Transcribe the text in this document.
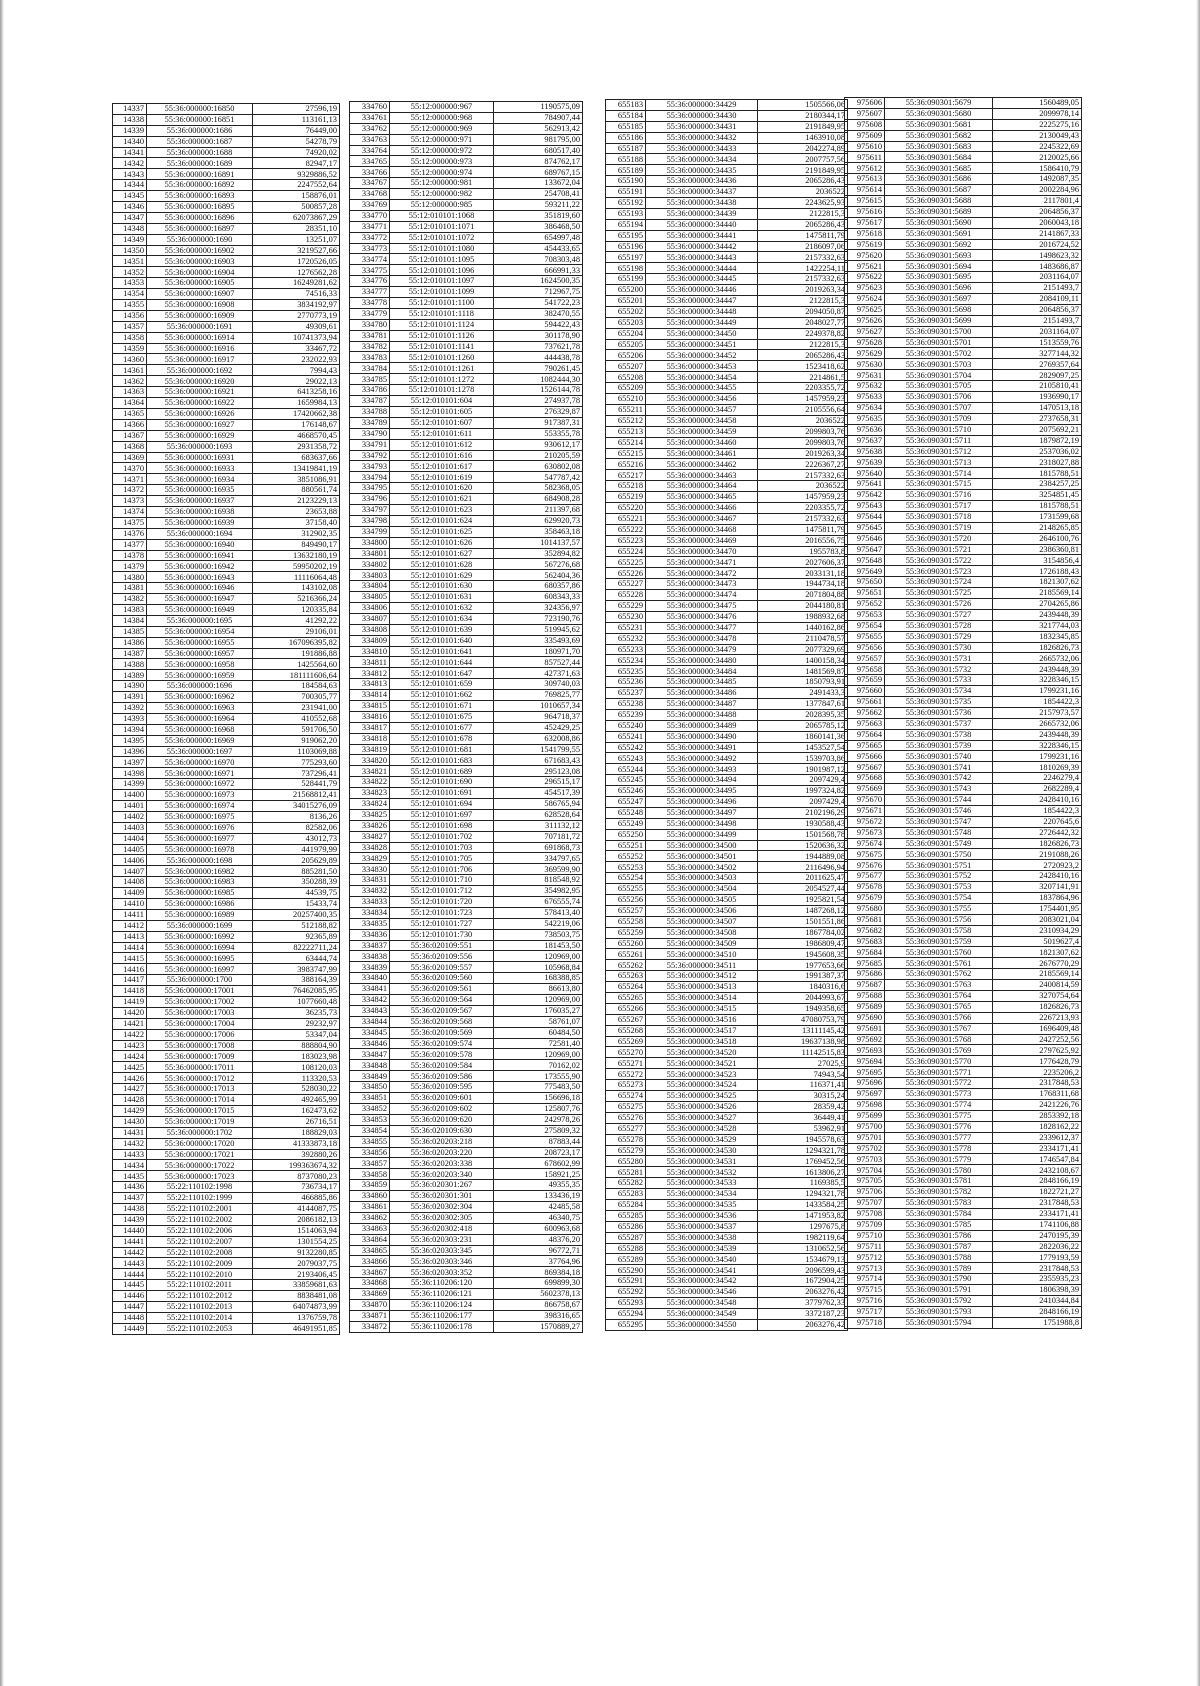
14337	55:36:000000:16850	27596,19
14338	55:36:000000:16851	113161,13
14339	55:36:000000:1686	76449,00
14340	55:36:000000:1687	54278,79
14341	55:36:000000:1688	74920,02
14342	55:36:000000:1689	82947,17
14343	55:36:000000:16891	9329886,52
14344	55:36:000000:16892	2247552,64
14345	55:36:000000:16893	158876,01
14346	55:36:000000:16895	500857,28
14347	55:36:000000:16896	62073867,29
14348	55:36:000000:16897	28351,10
14349	55:36:000000:1690	13251,07
14350	55:36:000000:16902	3219527,66
14351	55:36:000000:16903	1720526,05
14352	55:36:000000:16904	1276562,28
14353	55:36:000000:16905	16249281,62
14354	55:36:000000:16907	74516,33
14355	55:36:000000:16908	3834192,97
14356	55:36:000000:16909	2770773,19
14357	55:36:000000:1691	49309,61
14358	55:36:000000:16914	10741373,94
14359	55:36:000000:16916	33467,72
14360	55:36:000000:16917	232022,93
14361	55:36:000000:1692	7994,43
14362	55:36:000000:16920	29022,13
14363	55:36:000000:16921	6413258,16
14364	55:36:000000:16922	1659984,13
14365	55:36:000000:16926	17420662,38
14366	55:36:000000:16927	176148,67
14367	55:36:000000:16929	4668570,45
14368	55:36:000000:1693	2931358,72
14369	55:36:000000:16931	683637,66
14370	55:36:000000:16933	13419841,19
14371	55:36:000000:16934	3851086,91
14372	55:36:000000:16935	880561,74
14373	55:36:000000:16937	2123229,13
14374	55:36:000000:16938	23653,88
14375	55:36:000000:16939	37158,40
14376	55:36:000000:1694	312902,35
14377	55:36:000000:16940	849490,17
14378	55:36:000000:16941	13632180,19
14379	55:36:000000:16942	59950202,19
14380	55:36:000000:16943	11116064,48
14381	55:36:000000:16946	143102,08
14382	55:36:000000:16947	5216366,24
14383	55:36:000000:16949	120335,84
14384	55:36:000000:1695	41292,22
14385	55:36:000000:16954	29106,01
14386	55:36:000000:16955	167096395,82
14387	55:36:000000:16957	191886,88
14388	55:36:000000:16958	1425564,60
14389	55:36:000000:16959	181111606,64
14390	55:36:000000:1696	184584,63
14391	55:36:000000:16962	700305,77
14392	55:36:000000:16963	231941,00
14393	55:36:000000:16964	410552,68
14394	55:36:000000:16968	591706,50
14395	55:36:000000:16969	919062,20
14396	55:36:000000:1697	1103069,88
14397	55:36:000000:16970	775293,60
14398	55:36:000000:16971	737296,41
14399	55:36:000000:16972	528441,79
14400	55:36:000000:16973	21568812,41
14401	55:36:000000:16974	34015276,09
14402	55:36:000000:16975	8136,26
14403	55:36:000000:16976	82582,06
14404	55:36:000000:16977	43012,73
14405	55:36:000000:16978	441979,99
14406	55:36:000000:1698	205629,89
14407	55:36:000000:16982	885281,50
14408	55:36:000000:16983	350288,39
14409	55:36:000000:16985	44539,75
14410	55:36:000000:16986	15433,74
14411	55:36:000000:16989	20257400,35
14412	55:36:000000:1699	512188,82
14413	55:36:000000:16992	92365,89
14414	55:36:000000:16994	82222711,24
14415	55:36:000000:16995	63444,74
14416	55:36:000000:16997	3983747,99
14417	55:36:000000:1700	388164,39
14418	55:36:000000:17001	76462085,95
14419	55:36:000000:17002	1077660,48
14420	55:36:000000:17003	36235,73
14421	55:36:000000:17004	29232,97
14422	55:36:000000:17006	53347,04
14423	55:36:000000:17008	888804,90
14424	55:36:000000:17009	183023,98
14425	55:36:000000:17011	108120,03
14426	55:36:000000:17012	113320,53
14427	55:36:000000:17013	528030,22
14428	55:36:000000:17014	492465,99
14429	55:36:000000:17015	162473,62
14430	55:36:000000:17019	26716,51
14431	55:36:000000:1702	188829,03
14432	55:36:000000:17020	41333873,18
14433	55:36:000000:17021	392880,26
14434	55:36:000000:17022	199363674,32
14435	55:36:000000:17023	8737080,23
14436	55:22:110102:1998	736734,17
14437	55:22:110102:1999	466885,86
14438	55:22:110102:2001	4144087,75
14439	55:22:110102:2002	2086182,13
14440	55:22:110102:2006	1514063,94
14441	55:22:110102:2007	1301554,25
14442	55:22:110102:2008	9132280,85
14443	55:22:110102:2009	2079037,75
14444	55:22:110102:2010	2193406,45
14445	55:22:110102:2011	33859681,63
14446	55:22:110102:2012	8838481,08
14447	55:22:110102:2013	64074873,99
14448	55:22:110102:2014	1376759,78
14449	55:22:110102:2053	46491951,85
334760	55:12:000000:967	1190575,09
334761	55:12:000000:968	784907,44
334762	55:12:000000:969	562913,42
334763	55:12:000000:971	981795,00
334764	55:12:000000:972	680517,40
334765	55:12:000000:973	874762,17
334766	55:12:000000:974	689767,15
334767	55:12:000000:981	133672,04
334768	55:12:000000:982	254708,41
334769	55:12:000000:985	593211,22
334770	55:12:010101:1068	351819,60
334771	55:12:010101:1071	386468,50
334772	55:12:010101:1072	654997,48
334773	55:12:010101:1080	454433,65
334774	55:12:010101:1095	708303,48
334775	55:12:010101:1096	666991,33
334776	55:12:010101:1097	1624500,35
334777	55:12:010101:1099	712967,75
334778	55:12:010101:1100	541722,23
334779	55:12:010101:1118	382470,55
334780	55:12:010101:1124	594422,43
334781	55:12:010101:1126	301178,90
334782	55:12:010101:1141	737621,78
334783	55:12:010101:1260	444438,78
334784	55:12:010101:1261	790261,45
334785	55:12:010101:1272	1082444,30
334786	55:12:010101:1278	1526144,78
334787	55:12:010101:604	274937,78
334788	55:12:010101:605	276329,87
334789	55:12:010101:607	917387,31
334790	55:12:010101:611	553355,78
334791	55:12:010101:612	930612,17
334792	55:12:010101:616	210205,59
334793	55:12:010101:617	630802,08
334794	55:12:010101:619	547787,42
334795	55:12:010101:620	582368,05
334796	55:12:010101:621	684908,28
334797	55:12:010101:623	211397,68
334798	55:12:010101:624	629920,73
334799	55:12:010101:625	358463,18
334800	55:12:010101:626	1014137,57
334801	55:12:010101:627	352894,82
334802	55:12:010101:628	567276,68
334803	55:12:010101:629	562404,36
334804	55:12:010101:630	680357,86
334805	55:12:010101:631	608343,33
334806	55:12:010101:632	324356,97
334807	55:12:010101:634	723190,76
334808	55:12:010101:639	519945,62
334809	55:12:010101:640	335493,69
334810	55:12:010101:641	180971,70
334811	55:12:010101:644	857527,44
334812	55:12:010101:647	427371,63
334813	55:12:010101:659	309740,03
334814	55:12:010101:662	769825,77
334815	55:12:010101:671	1010657,34
334816	55:12:010101:675	964718,37
334817	55:12:010101:677	452429,25
334818	55:12:010101:678	632008,86
334819	55:12:010101:681	1541799,55
334820	55:12:010101:683	671683,43
334821	55:12:010101:689	295123,08
334822	55:12:010101:690	296515,17
334823	55:12:010101:691	454517,39
334824	55:12:010101:694	586765,94
334825	55:12:010101:697	628528,64
334826	55:12:010101:698	311132,12
334827	55:12:010101:702	707181,72
334828	55:12:010101:703	691868,73
334829	55:12:010101:705	334797,65
334830	55:12:010101:706	369599,90
334831	55:12:010101:710	818548,92
334832	55:12:010101:712	354982,95
334833	55:12:010101:720	676555,74
334834	55:12:010101:723	578413,40
334835	55:12:010101:727	542219,06
334836	55:12:010101:730	738503,75
334837	55:36:020109:551	181453,50
334838	55:36:020109:556	120969,00
334839	55:36:020109:557	105968,84
334840	55:36:020109:560	168388,85
334841	55:36:020109:561	86613,80
334842	55:36:020109:564	120969,00
334843	55:36:020109:567	176035,27
334844	55:36:020109:568	58761,07
334845	55:36:020109:569	60484,50
334846	55:36:020109:574	72581,40
334847	55:36:020109:578	120969,00
334848	55:36:020109:584	70162,02
334849	55:36:020109:586	173555,90
334850	55:36:020109:595	775483,50
334851	55:36:020109:601	156696,18
334852	55:36:020109:602	125807,76
334853	55:36:020109:620	242978,26
334854	55:36:020109:630	275809,32
334855	55:36:020203:218	87883,44
334856	55:36:020203:220	208723,17
334857	55:36:020203:338	678602,99
334858	55:36:020203:340	158921,25
334859	55:36:020301:267	49355,35
334860	55:36:020301:301	133436,19
334861	55:36:020302:304	42485,58
334862	55:36:020302:305	46340,75
334863	55:36:020302:418	600963,68
334864	55:36:020303:231	48376,20
334865	55:36:020303:345	96772,71
334866	55:36:020303:346	37764,96
334867	55:36:020303:352	869384,18
334868	55:36:110206:120	699899,30
334869	55:36:110206:121	5602378,13
334870	55:36:110206:124	866758,67
334871	55:36:110206:177	398316,65
334872	55:36:110206:178	1570889,27
655183	55:36:000000:34429	1505566,06
655184	55:36:000000:34430	2180344,17
655185	55:36:000000:34431	2191849,95
655186	55:36:000000:34432	1463910,08
655187	55:36:000000:34433	2042274,89
655188	55:36:000000:34434	2007757,56
655189	55:36:000000:34435	2191849,95
655190	55:36:000000:34436	2065286,43
655191	55:36:000000:34437	2036522
655192	55:36:000000:34438	2243625,93
655193	55:36:000000:34439	2122815,3
655194	55:36:000000:34440	2065286,43
655195	55:36:000000:34441	1475811,79
655196	55:36:000000:34442	2186097,06
655197	55:36:000000:34443	2157332,63
655198	55:36:000000:34444	1422254,11
655199	55:36:000000:34445	2157332,63
655200	55:36:000000:34446	2019263,34
655201	55:36:000000:34447	2122815,3
655202	55:36:000000:34448	2094050,87
655203	55:36:000000:34449	2048027,77
655204	55:36:000000:34450	2249378,82
655205	55:36:000000:34451	2122815,3
655206	55:36:000000:34452	2065286,43
655207	55:36:000000:34453	1523418,62
655208	55:36:000000:34454	2214861,5
655209	55:36:000000:34455	2203355,72
655210	55:36:000000:34456	1457959,23
655211	55:36:000000:34457	2105556,64
655212	55:36:000000:34458	2036522
655213	55:36:000000:34459	2099803,76
655214	55:36:000000:34460	2099803,76
655215	55:36:000000:34461	2019263,34
655216	55:36:000000:34462	2226367,27
655217	55:36:000000:34463	2157332,63
655218	55:36:000000:34464	2036522
655219	55:36:000000:34465	1457959,23
655220	55:36:000000:34466	2203355,72
655221	55:36:000000:34467	2157332,63
655222	55:36:000000:34468	1475811,79
655223	55:36:000000:34469	2016556,75
655224	55:36:000000:34470	1955783,8
655225	55:36:000000:34471	2027606,37
655226	55:36:000000:34472	2033131,18
655227	55:36:000000:34473	1944734,18
655228	55:36:000000:34474	2071804,88
655229	55:36:000000:34475	2044180,81
655230	55:36:000000:34476	1988932,68
655231	55:36:000000:34477	1440162,86
655232	55:36:000000:34478	2110478,57
655233	55:36:000000:34479	2077329,69
655234	55:36:000000:34480	1400158,34
655235	55:36:000000:34484	1481569,87
655236	55:36:000000:34485	1850793,91
655237	55:36:000000:34486	2491433,3
655238	55:36:000000:34487	1377847,61
655239	55:36:000000:34488	2028395,35
655240	55:36:000000:34489	2065785,12
655241	55:36:000000:34490	1860141,36
655242	55:36:000000:34491	1453527,54
655243	55:36:000000:34492	1539703,86
655244	55:36:000000:34493	1901987,12
655245	55:36:000000:34494	2097429,4
655246	55:36:000000:34495	1997324,82
655247	55:36:000000:34496	2097429,4
655248	55:36:000000:34497	2102196,29
655249	55:36:000000:34498	1930588,43
655250	55:36:000000:34499	1501568,78
655251	55:36:000000:34500	1520636,32
655252	55:36:000000:34501	1944889,08
655253	55:36:000000:34502	2116496,94
655254	55:36:000000:34503	2011625,47
655255	55:36:000000:34504	2054527,44
655256	55:36:000000:34505	1925821,54
655257	55:36:000000:34506	1487268,12
655258	55:36:000000:34507	1501551,86
655259	55:36:000000:34508	1867784,02
655260	55:36:000000:34509	1986809,47
655261	55:36:000000:34510	1945608,35
655262	55:36:000000:34511	1977653,66
655263	55:36:000000:34512	1991387,37
655264	55:36:000000:34513	1840316,6
655265	55:36:000000:34514	2044993,67
655266	55:36:000000:34515	1949358,65
655267	55:36:000000:34516	47080753,79
655268	55:36:000000:34517	13111145,42
655269	55:36:000000:34518	19637138,98
655270	55:36:000000:34520	11142515,83
655271	55:36:000000:34521	27025,9
655272	55:36:000000:34523	74943,54
655273	55:36:000000:34524	116371,41
655274	55:36:000000:34525	30315,24
655275	55:36:000000:34526	28359,42
655276	55:36:000000:34527	36449,41
655277	55:36:000000:34528	53962,91
655278	55:36:000000:34529	1945578,63
655279	55:36:000000:34530	1294321,78
655280	55:36:000000:34531	1769452,56
655281	55:36:000000:34532	1613806,27
655282	55:36:000000:34533	1169385,5
655283	55:36:000000:34534	1294321,78
655284	55:36:000000:34535	1433584,25
655285	55:36:000000:34536	1471953,82
655286	55:36:000000:34537	1297675,8
655287	55:36:000000:34538	1982119,64
655288	55:36:000000:34539	1310652,56
655289	55:36:000000:34540	1534679,13
655290	55:36:000000:34541	2096599,43
655291	55:36:000000:34542	1672904,25
655292	55:36:000000:34546	2063276,42
655293	55:36:000000:34548	3779762,33
655294	55:36:000000:34549	3372187,23
655295	55:36:000000:34550	2063276,42
975606	55:36:090301:5679	1560489,05
975607	55:36:090301:5680	2099978,14
975608	55:36:090301:5681	2225275,16
975609	55:36:090301:5682	2130049,43
975610	55:36:090301:5683	2245322,69
975611	55:36:090301:5684	2120025,66
975612	55:36:090301:5685	1586410,79
975613	55:36:090301:5686	1492087,35
975614	55:36:090301:5687	2002284,96
975615	55:36:090301:5688	2117801,4
975616	55:36:090301:5689	2064856,37
975617	55:36:090301:5690	2060043,18
975618	55:36:090301:5691	2141867,33
975619	55:36:090301:5692	2016724,52
975620	55:36:090301:5693	1498623,32
975621	55:36:090301:5694	1483686,87
975622	55:36:090301:5695	2031164,07
975623	55:36:090301:5696	2151493,7
975624	55:36:090301:5697	2084109,11
975625	55:36:090301:5698	2064856,37
975626	55:36:090301:5699	2151493,7
975627	55:36:090301:5700	2031164,07
975628	55:36:090301:5701	1513559,76
975629	55:36:090301:5702	3277144,32
975630	55:36:090301:5703	2769357,64
975631	55:36:090301:5704	2829097,25
975632	55:36:090301:5705	2105810,41
975633	55:36:090301:5706	1936990,17
975634	55:36:090301:5707	1470513,18
975635	55:36:090301:5709	2737658,31
975636	55:36:090301:5710	2075692,21
975637	55:36:090301:5711	1879872,19
975638	55:36:090301:5712	2537036,02
975639	55:36:090301:5713	2318027,88
975640	55:36:090301:5714	1815788,51
975641	55:36:090301:5715	2384257,25
975642	55:36:090301:5716	3254851,45
975643	55:36:090301:5717	1815788,51
975644	55:36:090301:5718	1731599,68
975645	55:36:090301:5719	2148265,85
975646	55:36:090301:5720	2646100,76
975647	55:36:090301:5721	2386360,81
975648	55:36:090301:5722	3154856,4
975649	55:36:090301:5723	1726188,43
975650	55:36:090301:5724	1821307,62
975651	55:36:090301:5725	2185569,14
975652	55:36:090301:5726	2704265,86
975653	55:36:090301:5727	2439448,39
975654	55:36:090301:5728	3217744,03
975655	55:36:090301:5729	1832345,85
975656	55:36:090301:5730	1826826,73
975657	55:36:090301:5731	2665732,06
975658	55:36:090301:5732	2439448,39
975659	55:36:090301:5733	3228346,15
975660	55:36:090301:5734	1799231,16
975661	55:36:090301:5735	1854422,3
975662	55:36:090301:5736	2157973,57
975663	55:36:090301:5737	2665732,06
975664	55:36:090301:5738	2439448,39
975665	55:36:090301:5739	3228346,15
975666	55:36:090301:5740	1799231,16
975667	55:36:090301:5741	1810269,39
975668	55:36:090301:5742	2246279,4
975669	55:36:090301:5743	2682289,4
975670	55:36:090301:5744	2428410,16
975671	55:36:090301:5746	1854422,3
975672	55:36:090301:5747	2207645,6
975673	55:36:090301:5748	2726442,32
975674	55:36:090301:5749	1826826,73
975675	55:36:090301:5750	2191088,26
975676	55:36:090301:5751	2720923,2
975677	55:36:090301:5752	2428410,16
975678	55:36:090301:5753	3207141,91
975679	55:36:090301:5754	1837864,96
975680	55:36:090301:5755	1754401,95
975681	55:36:090301:5756	2083021,04
975682	55:36:090301:5758	2310934,29
975683	55:36:090301:5759	5019627,4
975684	55:36:090301:5760	1821307,62
975685	55:36:090301:5761	2676770,29
975686	55:36:090301:5762	2185569,14
975687	55:36:090301:5763	2400814,59
975688	55:36:090301:5764	3270754,64
975689	55:36:090301:5765	1826826,73
975690	55:36:090301:5766	2267213,93
975691	55:36:090301:5767	1696409,48
975692	55:36:090301:5768	2427252,56
975693	55:36:090301:5769	2797625,92
975694	55:36:090301:5770	1776428,79
975695	55:36:090301:5771	2235206,2
975696	55:36:090301:5772	2317848,53
975697	55:36:090301:5773	1768311,68
975698	55:36:090301:5774	2421226,76
975699	55:36:090301:5775	2853392,18
975700	55:36:090301:5776	1828162,22
975701	55:36:090301:5777	2339612,37
975702	55:36:090301:5778	2334171,41
975703	55:36:090301:5779	1746547,84
975704	55:36:090301:5780	2432108,67
975705	55:36:090301:5781	2848166,19
975706	55:36:090301:5782	1822721,27
975707	55:36:090301:5783	2317848,53
975708	55:36:090301:5784	2334171,41
975709	55:36:090301:5785	1741106,88
975710	55:36:090301:5786	2470195,39
975711	55:36:090301:5787	2822036,22
975712	55:36:090301:5788	1779193,59
975713	55:36:090301:5789	2317848,53
975714	55:36:090301:5790	2355935,23
975715	55:36:090301:5791	1806398,39
975716	55:36:090301:5792	2410344,84
975717	55:36:090301:5793	2848166,19
975718	55:36:090301:5794	1751988,8
